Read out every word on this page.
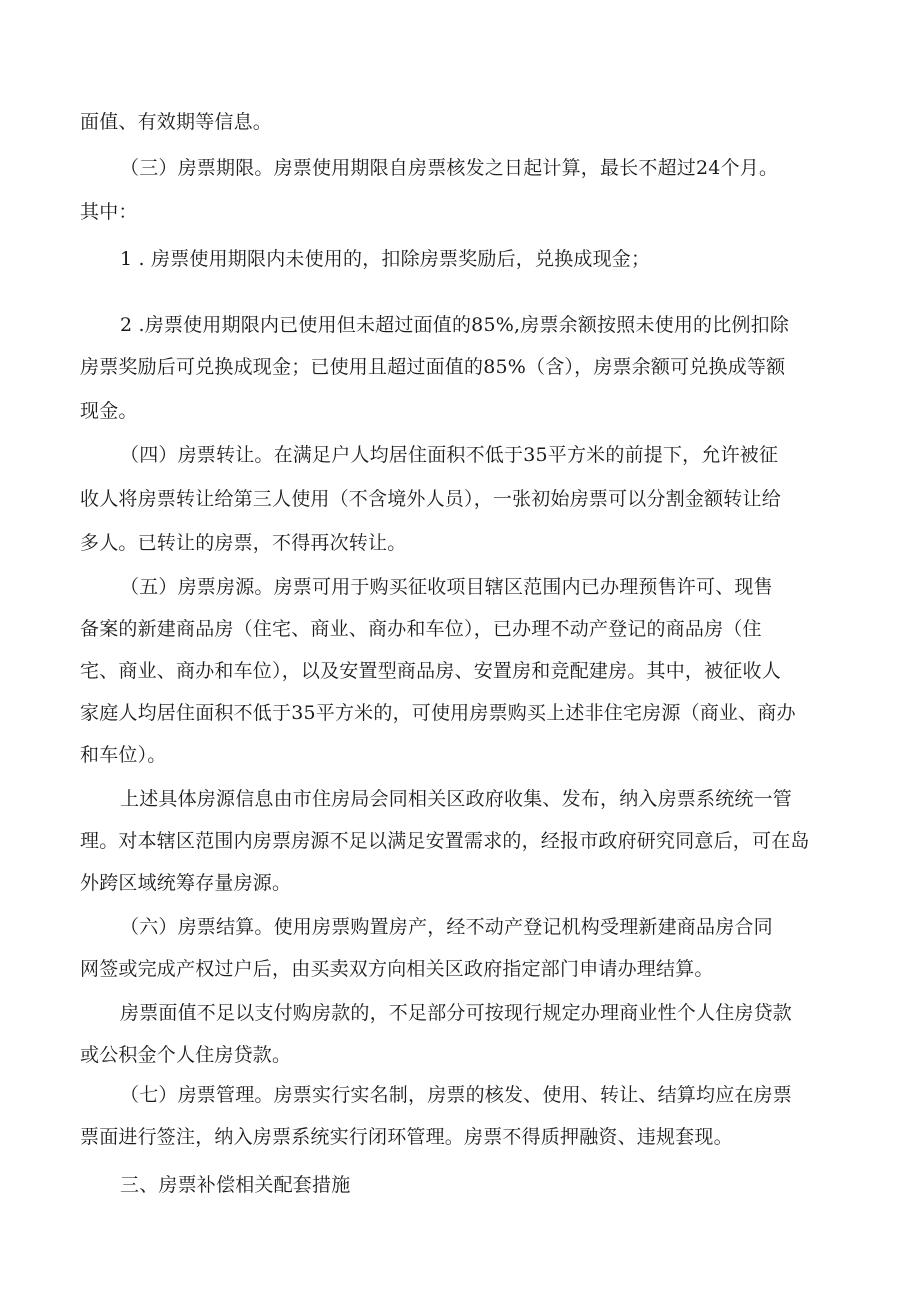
面值、有效期等信息。
（三）房票期限。房票使用期限自房票核发之日起计算，最长不超过24个月。
其中：
1 . 房票使用期限内未使用的，扣除房票奖励后，兑换成现金；
2 .房票使用期限内已使用但未超过面值的85%,房票余额按照未使用的比例扣除
房票奖励后可兑换成现金；已使用且超过面值的85%（含），房票余额可兑换成等额
现金。
（四）房票转让。在满足户人均居住面积不低于35平方米的前提下，允许被征
收人将房票转让给第三人使用（不含境外人员），一张初始房票可以分割金额转让给
多人。已转让的房票，不得再次转让。
（五）房票房源。房票可用于购买征收项目辖区范围内已办理预售许可、现售
备案的新建商品房（住宅、商业、商办和车位），已办理不动产登记的商品房（住
宅、商业、商办和车位），以及安置型商品房、安置房和竞配建房。其中，被征收人
家庭人均居住面积不低于35平方米的，可使用房票购买上述非住宅房源（商业、商办
和车位）。
上述具体房源信息由市住房局会同相关区政府收集、发布，纳入房票系统统一管
理。对本辖区范围内房票房源不足以满足安置需求的，经报市政府研究同意后，可在岛
外跨区域统筹存量房源。
（六）房票结算。使用房票购置房产，经不动产登记机构受理新建商品房合同
网签或完成产权过户后，由买卖双方向相关区政府指定部门申请办理结算。
房票面值不足以支付购房款的，不足部分可按现行规定办理商业性个人住房贷款
或公积金个人住房贷款。
（七）房票管理。房票实行实名制，房票的核发、使用、转让、结算均应在房票
票面进行签注，纳入房票系统实行闭环管理。房票不得质押融资、违规套现。
三、房票补偿相关配套措施
